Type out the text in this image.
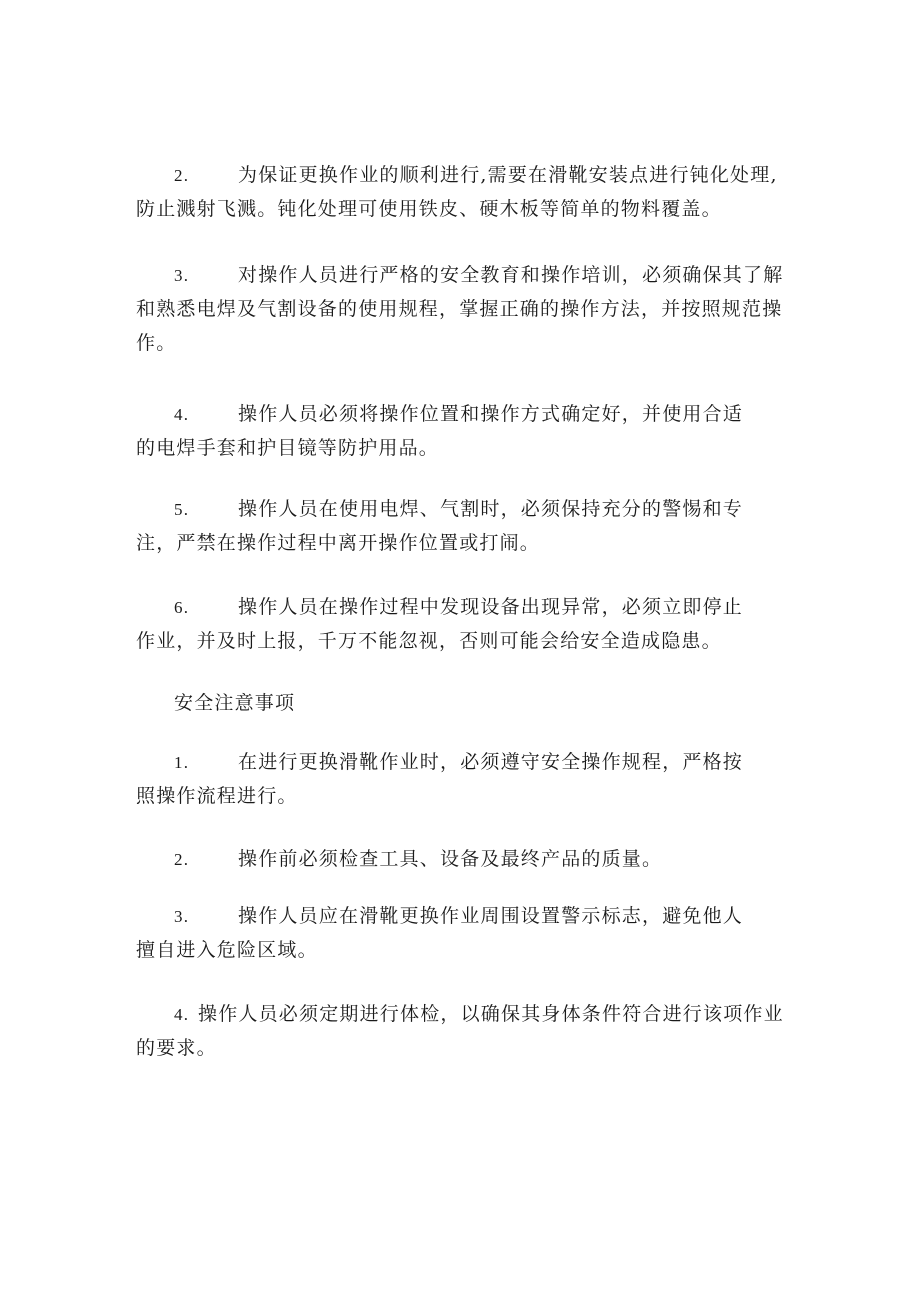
2.	为保证更换作业的顺利进行,需要在滑靴安装点进行钝化处理,
防止溅射飞溅。钝化处理可使用铁皮、硬木板等简单的物料覆盖。
3.	对操作人员进行严格的安全教育和操作培训，必须确保其了解
和熟悉电焊及气割设备的使用规程，掌握正确的操作方法，并按照规范操
作。
4.	操作人员必须将操作位置和操作方式确定好，并使用合适
的电焊手套和护目镜等防护用品。
5.	操作人员在使用电焊、气割时，必须保持充分的警惕和专
注，严禁在操作过程中离开操作位置或打闹。
6.	操作人员在操作过程中发现设备出现异常，必须立即停止
作业，并及时上报，千万不能忽视，否则可能会给安全造成隐患。
安全注意事项
1.	在进行更换滑靴作业时，必须遵守安全操作规程，严格按
照操作流程进行。
2.	操作前必须检查工具、设备及最终产品的质量。
3.	操作人员应在滑靴更换作业周围设置警示标志，避免他人
擅自进入危险区域。
4. 操作人员必须定期进行体检，以确保其身体条件符合进行该项作业
的要求。
